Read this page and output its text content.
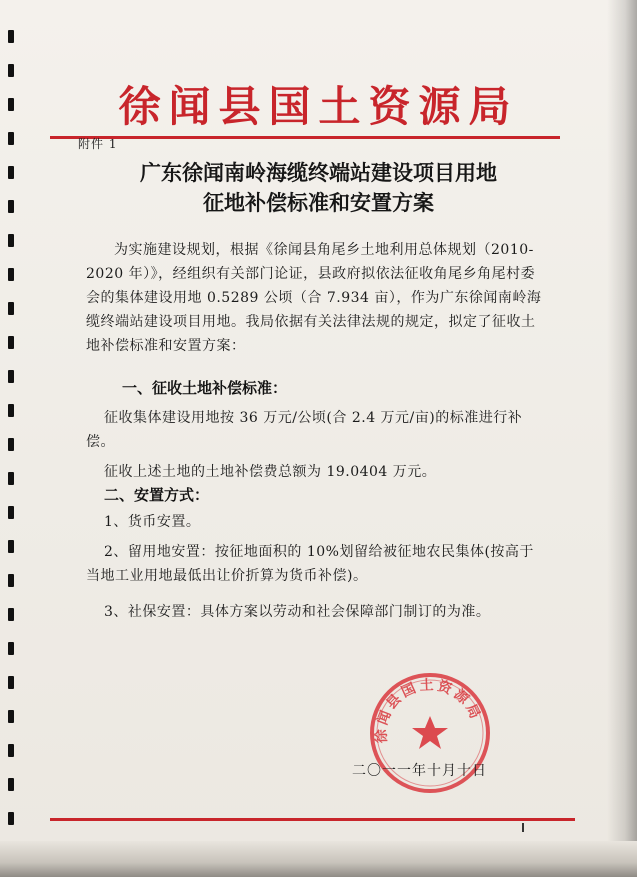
徐闻县国土资源局
附件 1
广东徐闻南岭海缆终端站建设项目用地
征地补偿标准和安置方案
为实施建设规划，根据《徐闻县角尾乡土地利用总体规划（2010-2020 年）》，经组织有关部门论证，县政府拟依法征收角尾乡角尾村委会的集体建设用地 0.5289 公顷（合 7.934 亩），作为广东徐闻南岭海缆终端站建设项目用地。我局依据有关法律法规的规定，拟定了征收土地补偿标准和安置方案：
一、征收土地补偿标准：
征收集体建设用地按 36 万元/公顷(合 2.4 万元/亩)的标准进行补偿。
征收上述土地的土地补偿费总额为 19.0404 万元。
二、安置方式：
1、货币安置。
2、留用地安置：按征地面积的 10%划留给被征地农民集体(按高于当地工业用地最低出让价折算为货币补偿)。
3、社保安置：具体方案以劳动和社会保障部门制订的为准。
徐闻县国土资源局
二〇一一年十月十日
